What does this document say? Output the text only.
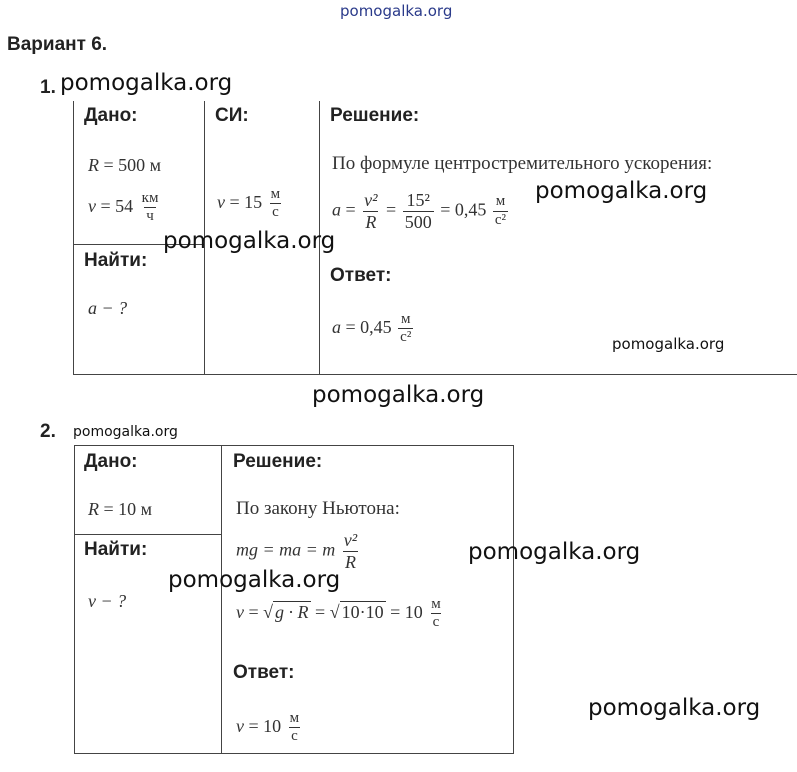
pomogalka.org
Вариант 6.
1. pomogalka.org
Дано:	СИ:	Решение:
R = 500 м
$v = 54 \frac{км}{ч}$	$v = 15 \frac{м}{с}$
Найти:
pomogalka.org
a − ?
По формуле центростремительного ускорения:
pomogalka.org
$a = \frac{\text{v²}}{R} = \frac{\text{15²}}{500} = 0,45 \frac{м}{\text{с²}}$
Ответ:
$a = 0,45 \frac{м}{\text{с²}}$	pomogalka.org
pomogalka.org
2. pomogalka.org
Дано:	Решение:
R = 10 м
Найти:
v − ?
По закону Ньютона:
pomogalka.org
pomogalka.org
mg = ma = m $\frac{\text{v²}}{R}$
v = √ g · R = √ $10\cdot 10 = 10 \frac{м}{с}$
Ответ:
$v = 10 \frac{м}{с}$
pomogalka.org
